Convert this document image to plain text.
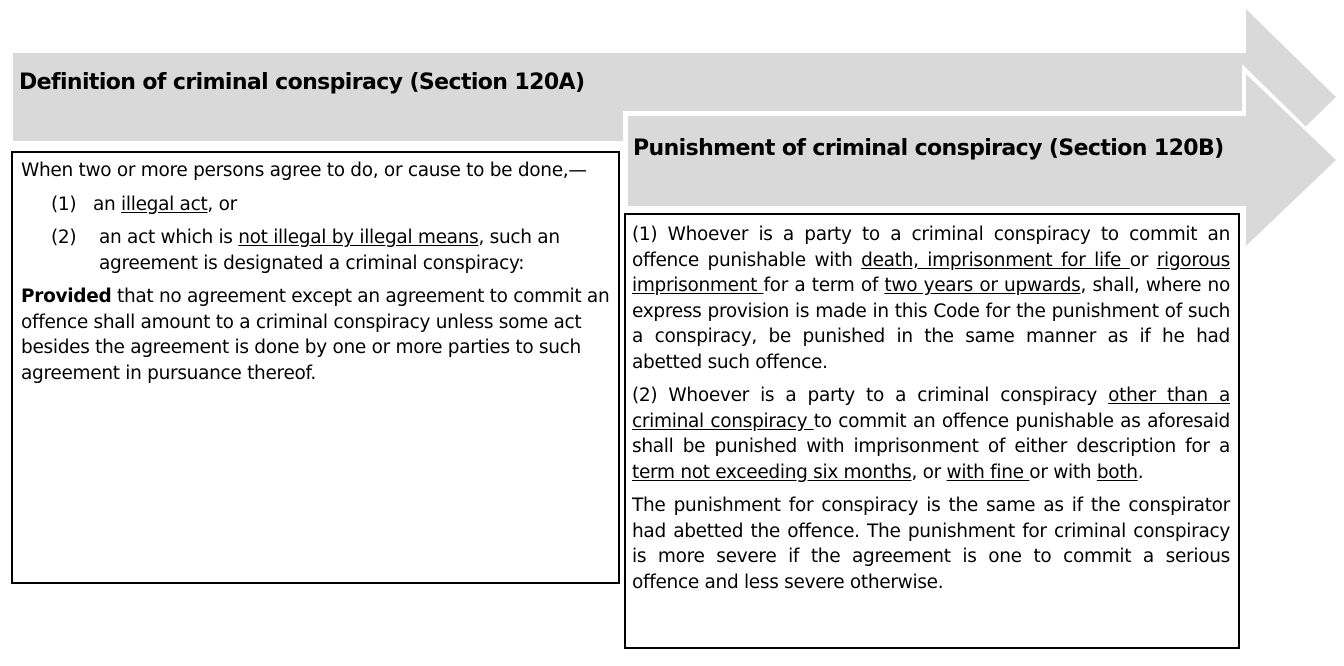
Definition of criminal conspiracy (Section 120A)
Punishment of criminal conspiracy (Section 120B)

When two or more persons agree to do, or cause to be done,—

(1) an illegal act, or
(2)	an act which is not illegal by illegal means, such an agreement is designated a criminal conspiracy:

Provided that no agreement except an agreement to commit an offence shall amount to a criminal conspiracy unless some act besides the agreement is done by one or more parties to such agreement in pursuance thereof.

(1) Whoever is a party to a criminal conspiracy to commit an offence punishable with death, imprisonment for life or rigorous imprisonment for a term of two years or upwards, shall, where no express provision is made in this Code for the punishment of such a conspiracy, be punished in the same manner as if he had abetted such offence.

(2) Whoever is a party to a criminal conspiracy other than a criminal conspiracy to commit an offence punishable as aforesaid shall be punished with imprisonment of either description for a term not exceeding six months, or with fine or with both.

The punishment for conspiracy is the same as if the conspirator had abetted the offence. The punishment for criminal conspiracy is more severe if the agreement is one to commit a serious offence and less severe otherwise.
